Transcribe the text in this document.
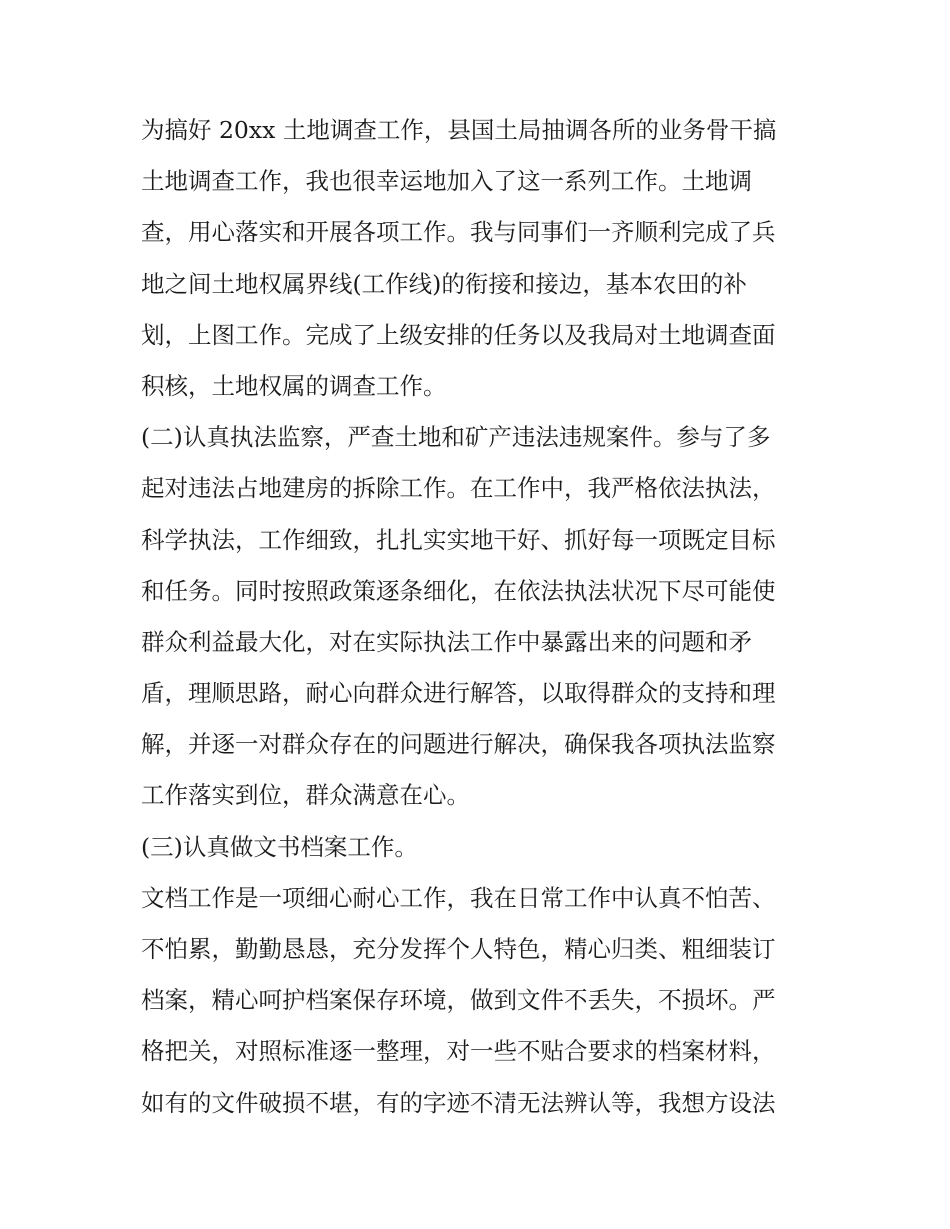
为搞好 20xx 土地调查工作，县国土局抽调各所的业务骨干搞
土地调查工作，我也很幸运地加入了这一系列工作。土地调
查，用心落实和开展各项工作。我与同事们一齐顺利完成了兵
地之间土地权属界线(工作线)的衔接和接边，基本农田的补
划，上图工作。完成了上级安排的任务以及我局对土地调查面
积核，土地权属的调查工作。
(二)认真执法监察，严查土地和矿产违法违规案件。参与了多
起对违法占地建房的拆除工作。在工作中，我严格依法执法，
科学执法，工作细致，扎扎实实地干好、抓好每一项既定目标
和任务。同时按照政策逐条细化，在依法执法状况下尽可能使
群众利益最大化，对在实际执法工作中暴露出来的问题和矛
盾，理顺思路，耐心向群众进行解答，以取得群众的支持和理
解，并逐一对群众存在的问题进行解决，确保我各项执法监察
工作落实到位，群众满意在心。
(三)认真做文书档案工作。
文档工作是一项细心耐心工作，我在日常工作中认真不怕苦、
不怕累，勤勤恳恳，充分发挥个人特色，精心归类、粗细装订
档案，精心呵护档案保存环境，做到文件不丢失，不损坏。严
格把关，对照标准逐一整理，对一些不贴合要求的档案材料，
如有的文件破损不堪，有的字迹不清无法辨认等，我想方设法
